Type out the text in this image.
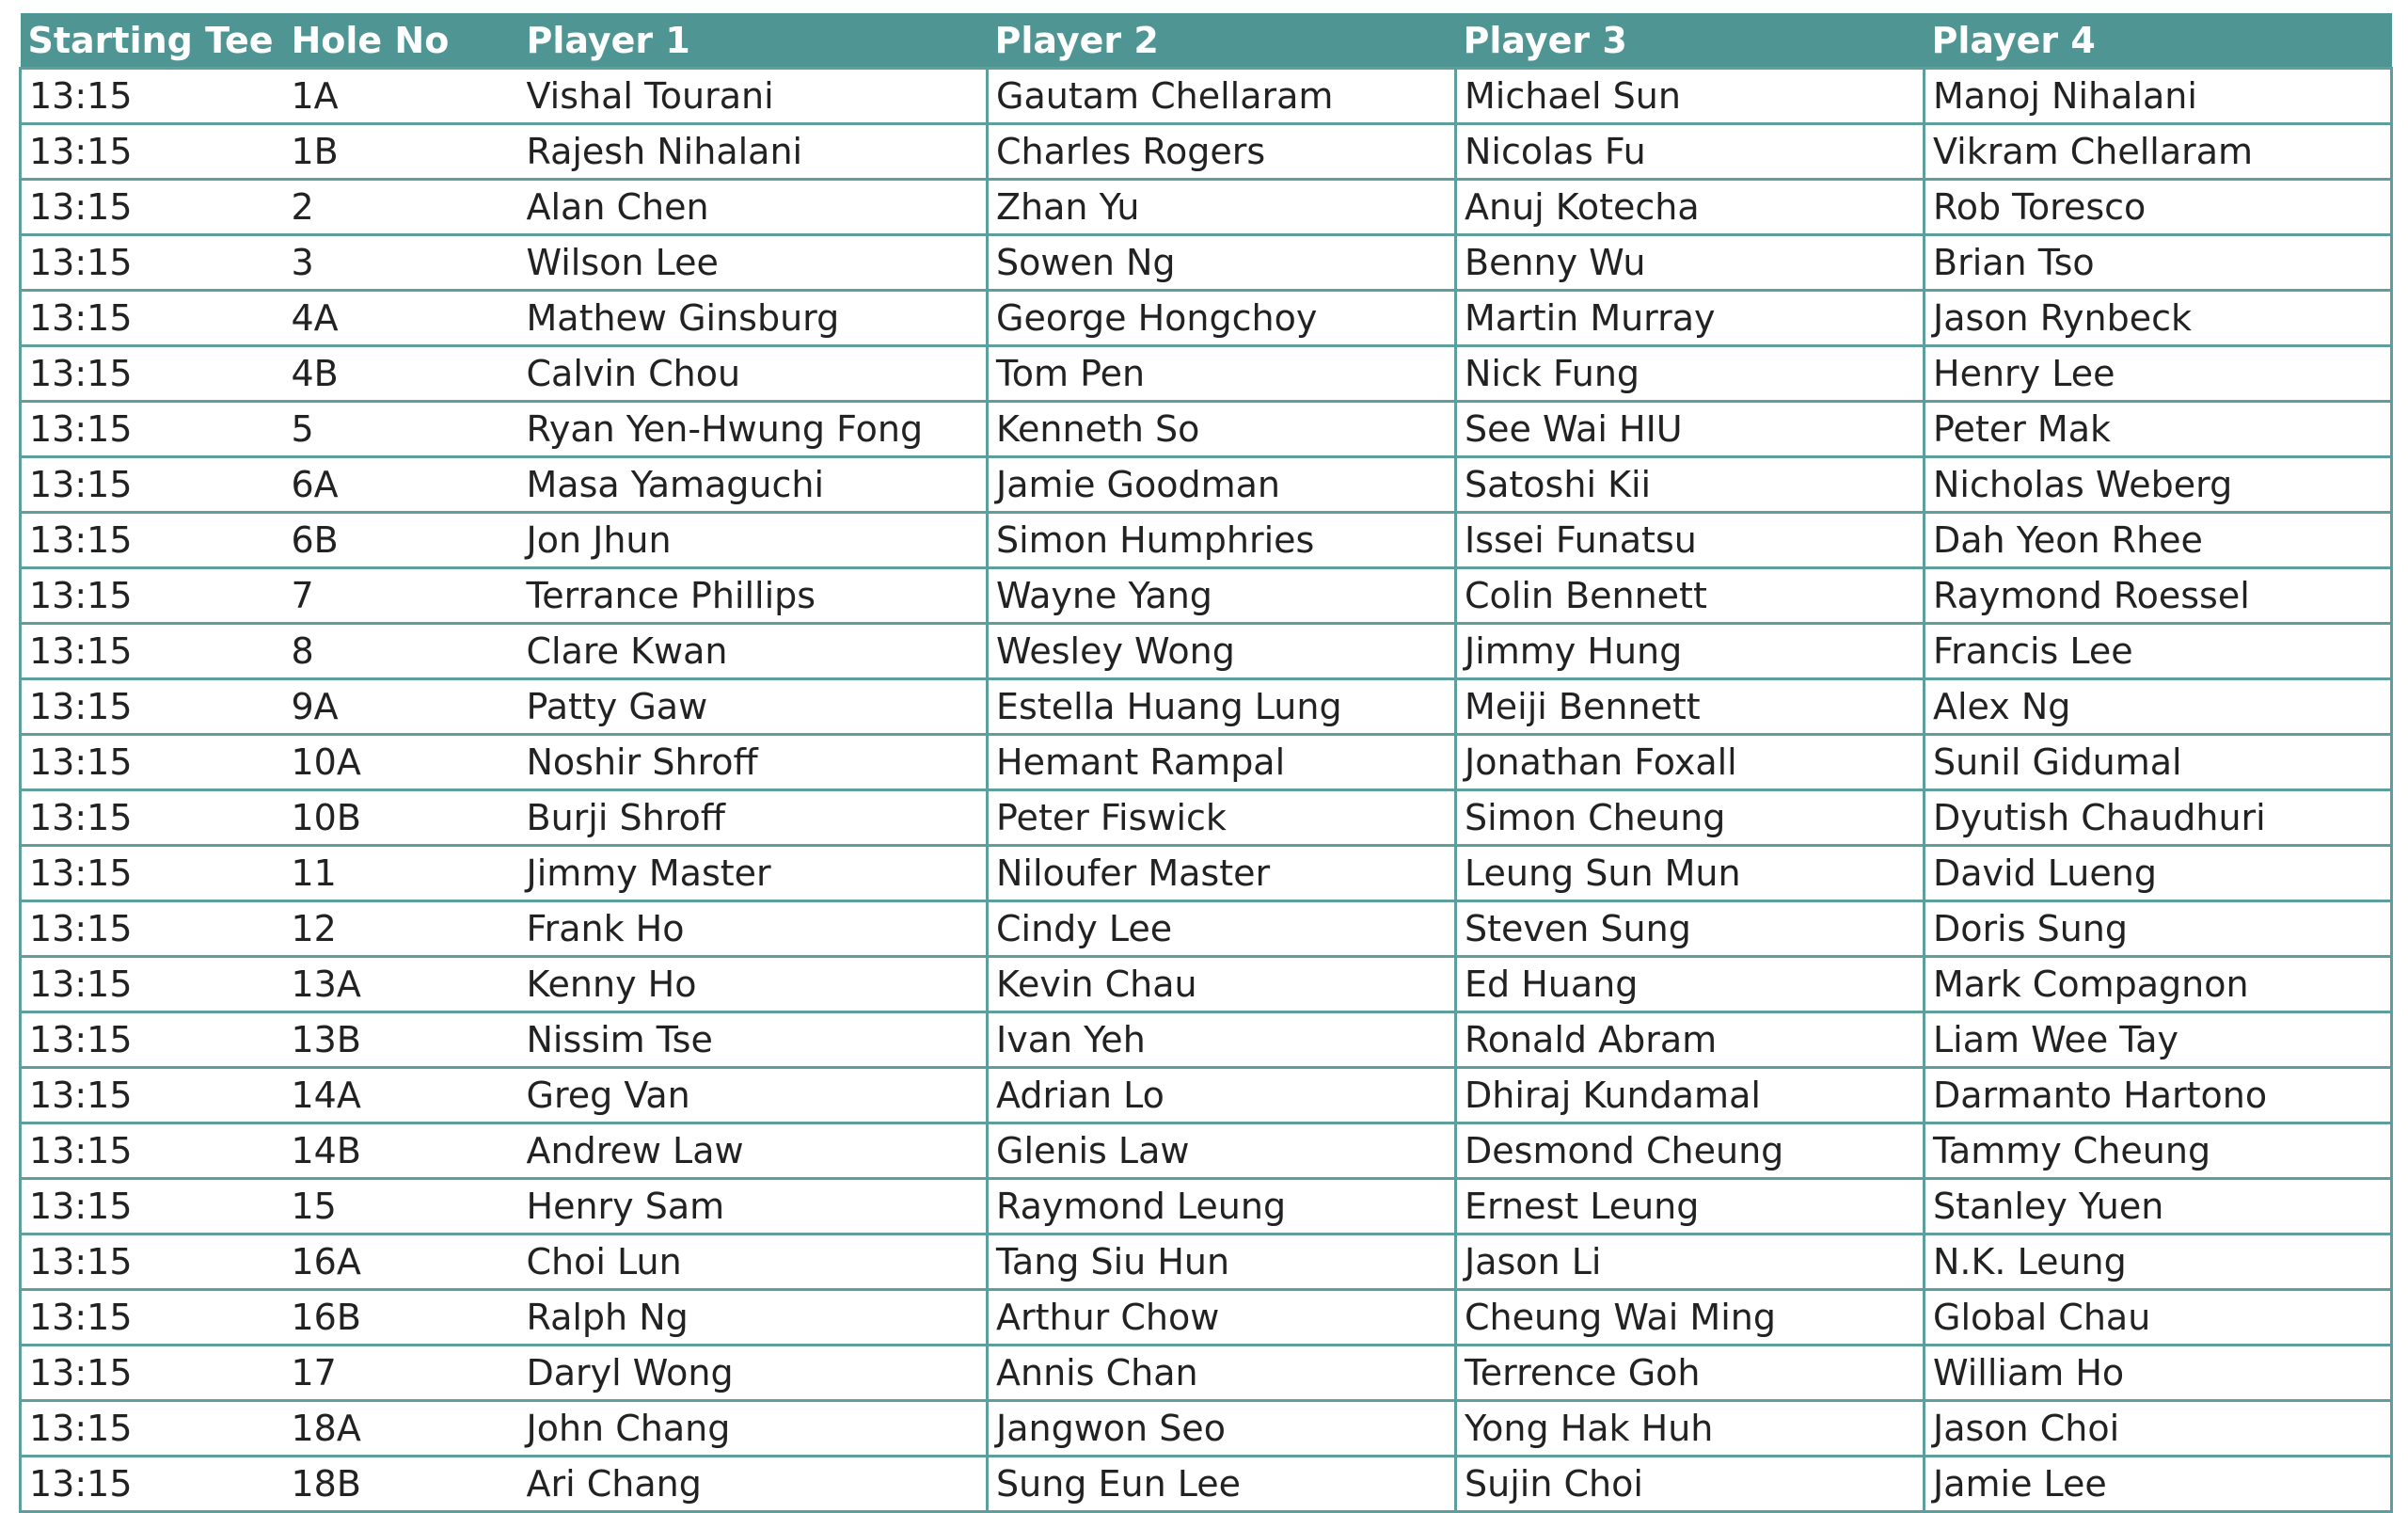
Starting Tee	Hole No	Player 1	Player 2	Player 3	Player 4
13:15	1A	Vishal Tourani	Gautam Chellaram	Michael Sun	Manoj Nihalani
13:15	1B	Rajesh Nihalani	Charles Rogers	Nicolas Fu	Vikram Chellaram
13:15	2	Alan Chen	Zhan Yu	Anuj Kotecha	Rob Toresco
13:15	3	Wilson Lee	Sowen Ng	Benny Wu	Brian Tso
13:15	4A	Mathew Ginsburg	George Hongchoy	Martin Murray	Jason Rynbeck
13:15	4B	Calvin Chou	Tom Pen	Nick Fung	Henry Lee
13:15	5	Ryan Yen-Hwung Fong	Kenneth So	See Wai HIU	Peter Mak
13:15	6A	Masa Yamaguchi	Jamie Goodman	Satoshi Kii	Nicholas Weberg
13:15	6B	Jon Jhun	Simon Humphries	Issei Funatsu	Dah Yeon Rhee
13:15	7	Terrance Phillips	Wayne Yang	Colin Bennett	Raymond Roessel
13:15	8	Clare Kwan	Wesley Wong	Jimmy Hung	Francis Lee
13:15	9A	Patty Gaw	Estella Huang Lung	Meiji Bennett	Alex Ng
13:15	10A	Noshir Shroff	Hemant Rampal	Jonathan Foxall	Sunil Gidumal
13:15	10B	Burji Shroff	Peter Fiswick	Simon Cheung	Dyutish Chaudhuri
13:15	11	Jimmy Master	Niloufer Master	Leung Sun Mun	David Lueng
13:15	12	Frank Ho	Cindy Lee	Steven Sung	Doris Sung
13:15	13A	Kenny Ho	Kevin Chau	Ed Huang	Mark Compagnon
13:15	13B	Nissim Tse	Ivan Yeh	Ronald Abram	Liam Wee Tay
13:15	14A	Greg Van	Adrian Lo	Dhiraj Kundamal	Darmanto Hartono
13:15	14B	Andrew Law	Glenis Law	Desmond Cheung	Tammy Cheung
13:15	15	Henry Sam	Raymond Leung	Ernest Leung	Stanley Yuen
13:15	16A	Choi Lun	Tang Siu Hun	Jason Li	N.K. Leung
13:15	16B	Ralph Ng	Arthur Chow	Cheung Wai Ming	Global Chau
13:15	17	Daryl Wong	Annis Chan	Terrence Goh	William Ho
13:15	18A	John Chang	Jangwon Seo	Yong Hak Huh	Jason Choi
13:15	18B	Ari Chang	Sung Eun Lee	Sujin Choi	Jamie Lee
